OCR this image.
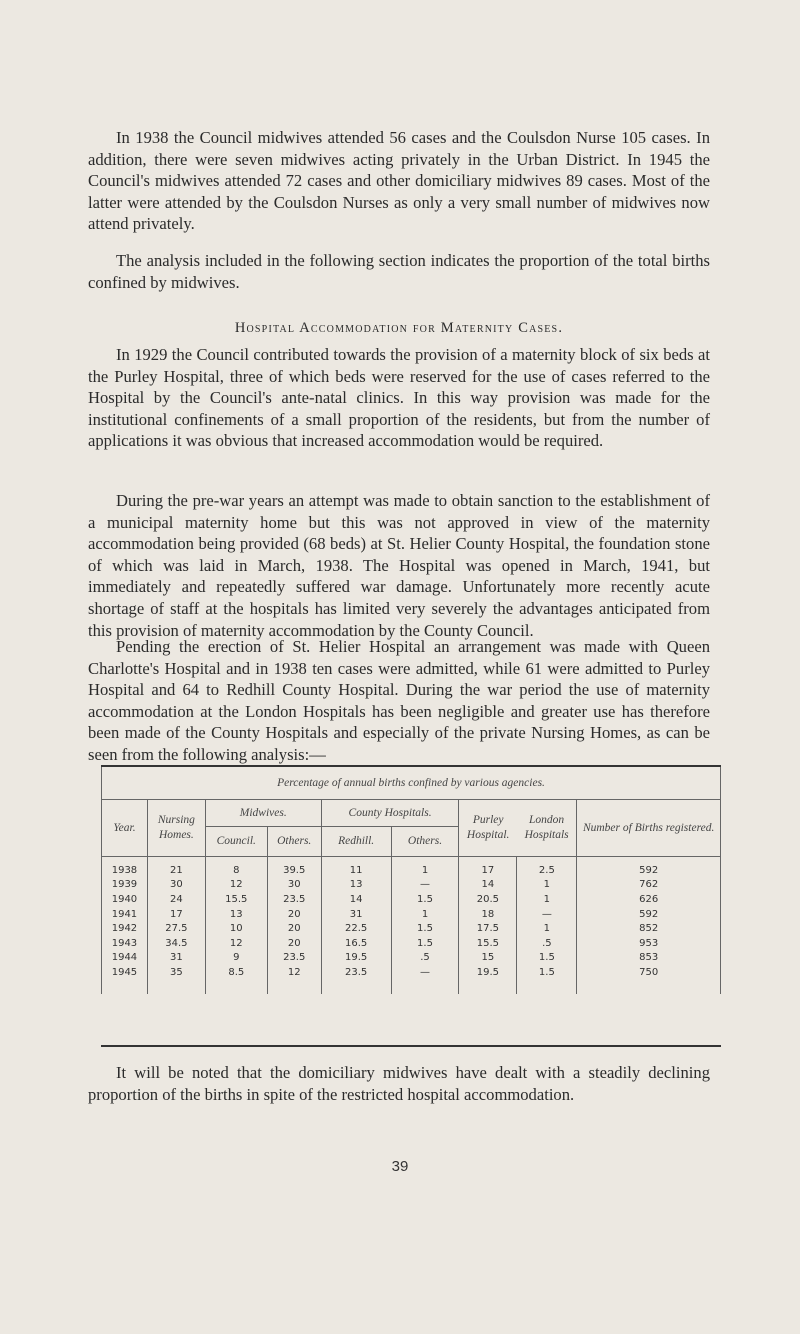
In 1938 the Council midwives attended 56 cases and the Coulsdon Nurse 105 cases. In addition, there were seven midwives acting privately in the Urban District. In 1945 the Council's midwives attended 72 cases and other domiciliary midwives 89 cases. Most of the latter were attended by the Coulsdon Nurses as only a very small number of midwives now attend privately.

The analysis included in the following section indicates the proportion of the total births confined by midwives.

Hospital Accommodation for Maternity Cases.

In 1929 the Council contributed towards the provision of a maternity block of six beds at the Purley Hospital, three of which beds were reserved for the use of cases referred to the Hospital by the Council's ante-natal clinics. In this way provision was made for the institutional confinements of a small proportion of the residents, but from the number of applications it was obvious that increased accommodation would be required.

During the pre-war years an attempt was made to obtain sanction to the establishment of a municipal maternity home but this was not approved in view of the maternity accommodation being provided (68 beds) at St. Helier County Hospital, the foundation stone of which was laid in March, 1938. The Hospital was opened in March, 1941, but immediately and repeatedly suffered war damage. Unfortunately more recently acute shortage of staff at the hospitals has limited very severely the advantages anticipated from this provision of maternity accommodation by the County Council.

Pending the erection of St. Helier Hospital an arrangement was made with Queen Charlotte's Hospital and in 1938 ten cases were admitted, while 61 were admitted to Purley Hospital and 64 to Redhill County Hospital. During the war period the use of maternity accommodation at the London Hospitals has been negligible and greater use has therefore been made of the County Hospitals and especially of the private Nursing Homes, as can be seen from the following analysis:—

Percentage of annual births confined by various agencies.								
Year.	Nursing Homes.	Midwives.		County Hospitals.		Purley Hospital.	London Hospitals	Number of Births registered.
		Council.	Others.	Redhill.	Others.			

1938	21	8	39.5	11	1	17	2.5	592
1939	30	12	30	13	—	14	1	762
1940	24	15.5	23.5	14	1.5	20.5	1	626
1941	17	13	20	31	1	18	—	592
1942	27.5	10	20	22.5	1.5	17.5	1	852
1943	34.5	12	20	16.5	1.5	15.5	.5	953
1944	31	9	23.5	19.5	.5	15	1.5	853
1945	35	8.5	12	23.5	—	19.5	1.5	750

It will be noted that the domiciliary midwives have dealt with a steadily declining proportion of the births in spite of the restricted hospital accommodation.

39
